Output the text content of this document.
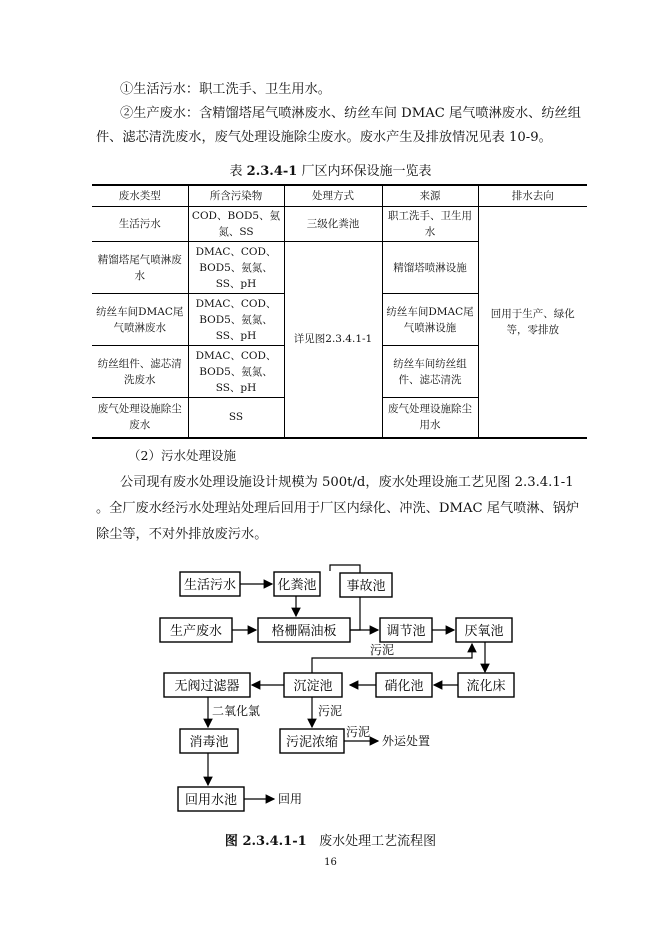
①生活污水：职工洗手、卫生用水。

②生产废水：含精馏塔尾气喷淋废水、纺丝车间 DMAC 尾气喷淋废水、纺丝组件、滤芯清洗废水，废气处理设施除尘废水。废水产生及排放情况见表 10-9。

表 2.3.4-1 厂区内环保设施一览表
废水类型	所含污染物	处理方式	来源	排水去向
生活污水	COD、BOD5、氨氮、SS	三级化粪池	职工洗手、卫生用水	回用于生产、绿化等，零排放
精馏塔尾气喷淋废水	DMAC、COD、BOD5、氨氮、SS、pH	详见图2.3.4.1-1	精馏塔喷淋设施	
纺丝车间DMAC尾气喷淋废水	DMAC、COD、BOD5、氨氮、SS、pH		纺丝车间DMAC尾气喷淋设施	
纺丝组件、滤芯清洗废水	DMAC、COD、BOD5、氨氮、SS、pH		纺丝车间纺丝组件、滤芯清洗	
废气处理设施除尘废水	SS		废气处理设施除尘用水	

（2）污水处理设施

公司现有废水处理设施设计规模为 500t/d，废水处理设施工艺见图 2.3.4.1-1 。全厂废水经污水处理站处理后回用于厂区内绿化、冲洗、DMAC 尾气喷淋、锅炉除尘等，不对外排放废污水。

生活污水	化粪池 事故池
生产废水	格栅隔油板	调节池	厌氧池
硝化池	流化床
沉淀池
无阀过滤器
消毒池	污泥浓缩
回用水池
污泥
污泥
污泥
二氧化氯
外运处置
回用
图 2.3.4.1-1 废水处理工艺流程图
16
